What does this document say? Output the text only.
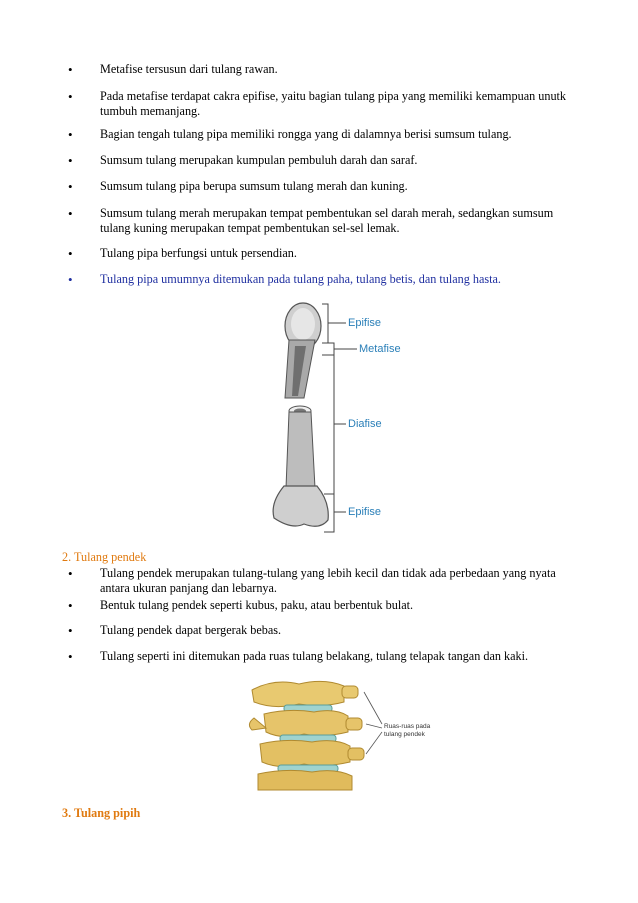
• Metafise tersusun dari tulang rawan.
• Pada metafise terdapat cakra epifise, yaitu bagian tulang pipa yang memiliki kemampuan unutk tumbuh memanjang.
• Bagian tengah tulang pipa memiliki rongga yang di dalamnya berisi sumsum tulang.
• Sumsum tulang merupakan kumpulan pembuluh darah dan saraf.
• Sumsum tulang pipa berupa sumsum tulang merah dan kuning.
• Sumsum tulang merah merupakan tempat pembentukan sel darah merah, sedangkan sumsum tulang kuning merupakan tempat pembentukan sel-sel lemak.
• Tulang pipa berfungsi untuk persendian.
• Tulang pipa umumnya ditemukan pada tulang paha, tulang betis, dan tulang hasta.
Epifise
Metafise
Diafise
Epifise
2. Tulang pendek
• Tulang pendek merupakan tulang-tulang yang lebih kecil dan tidak ada perbedaan yang nyata antara ukuran panjang dan lebarnya.
• Bentuk tulang pendek seperti kubus, paku, atau berbentuk bulat.
• Tulang pendek dapat bergerak bebas.
• Tulang seperti ini ditemukan pada ruas tulang belakang, tulang telapak tangan dan kaki.
Ruas-ruas pada
tulang pendek
3. Tulang pipih
